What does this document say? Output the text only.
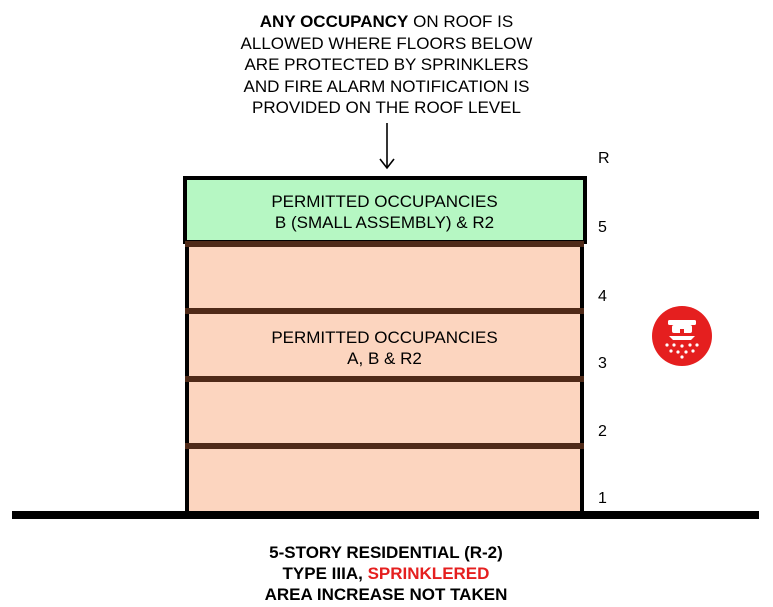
ANY OCCUPANCY ON ROOF IS
ALLOWED WHERE FLOORS BELOW
ARE PROTECTED BY SPRINKLERS
AND FIRE ALARM NOTIFICATION IS
PROVIDED ON THE ROOF LEVEL
PERMITTED OCCUPANCIES
B (SMALL ASSEMBLY) & R2
PERMITTED OCCUPANCIES
A, B & R2
R
5
4
3
2
1
5-STORY RESIDENTIAL (R-2)
TYPE IIIA, SPRINKLERED
AREA INCREASE NOT TAKEN
